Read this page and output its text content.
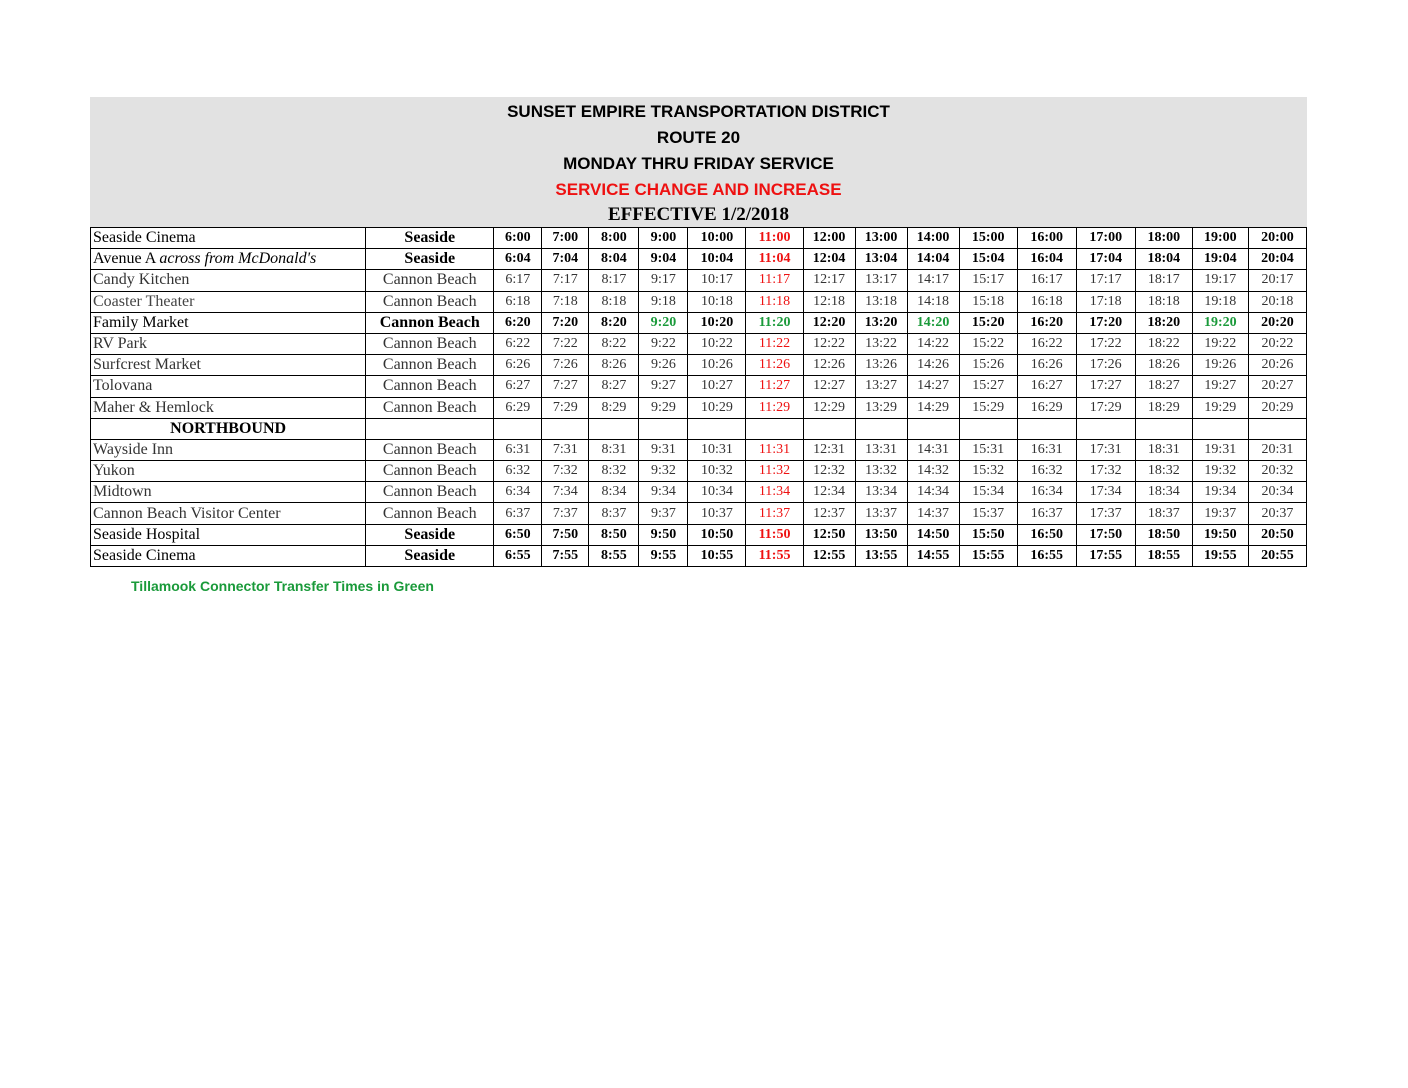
SUNSET EMPIRE TRANSPORTATION DISTRICT
ROUTE 20
MONDAY THRU FRIDAY SERVICE
SERVICE CHANGE AND INCREASE
EFFECTIVE 1/2/2018
Seaside Cinema	Seaside	6:00	7:00	8:00	9:00	10:00	11:00	12:00	13:00	14:00	15:00	16:00	17:00	18:00	19:00	20:00
Avenue A across from McDonald's	Seaside	6:04	7:04	8:04	9:04	10:04	11:04	12:04	13:04	14:04	15:04	16:04	17:04	18:04	19:04	20:04
Candy Kitchen	Cannon Beach	6:17	7:17	8:17	9:17	10:17	11:17	12:17	13:17	14:17	15:17	16:17	17:17	18:17	19:17	20:17
Coaster Theater	Cannon Beach	6:18	7:18	8:18	9:18	10:18	11:18	12:18	13:18	14:18	15:18	16:18	17:18	18:18	19:18	20:18
Family Market	Cannon Beach	6:20	7:20	8:20	9:20	10:20	11:20	12:20	13:20	14:20	15:20	16:20	17:20	18:20	19:20	20:20
RV Park	Cannon Beach	6:22	7:22	8:22	9:22	10:22	11:22	12:22	13:22	14:22	15:22	16:22	17:22	18:22	19:22	20:22
Surfcrest Market	Cannon Beach	6:26	7:26	8:26	9:26	10:26	11:26	12:26	13:26	14:26	15:26	16:26	17:26	18:26	19:26	20:26
Tolovana	Cannon Beach	6:27	7:27	8:27	9:27	10:27	11:27	12:27	13:27	14:27	15:27	16:27	17:27	18:27	19:27	20:27
Maher & Hemlock	Cannon Beach	6:29	7:29	8:29	9:29	10:29	11:29	12:29	13:29	14:29	15:29	16:29	17:29	18:29	19:29	20:29
NORTHBOUND																
Wayside Inn	Cannon Beach	6:31	7:31	8:31	9:31	10:31	11:31	12:31	13:31	14:31	15:31	16:31	17:31	18:31	19:31	20:31
Yukon	Cannon Beach	6:32	7:32	8:32	9:32	10:32	11:32	12:32	13:32	14:32	15:32	16:32	17:32	18:32	19:32	20:32
Midtown	Cannon Beach	6:34	7:34	8:34	9:34	10:34	11:34	12:34	13:34	14:34	15:34	16:34	17:34	18:34	19:34	20:34
Cannon Beach Visitor Center	Cannon Beach	6:37	7:37	8:37	9:37	10:37	11:37	12:37	13:37	14:37	15:37	16:37	17:37	18:37	19:37	20:37
Seaside Hospital	Seaside	6:50	7:50	8:50	9:50	10:50	11:50	12:50	13:50	14:50	15:50	16:50	17:50	18:50	19:50	20:50
Seaside Cinema	Seaside	6:55	7:55	8:55	9:55	10:55	11:55	12:55	13:55	14:55	15:55	16:55	17:55	18:55	19:55	20:55
Tillamook Connector Transfer Times in Green
